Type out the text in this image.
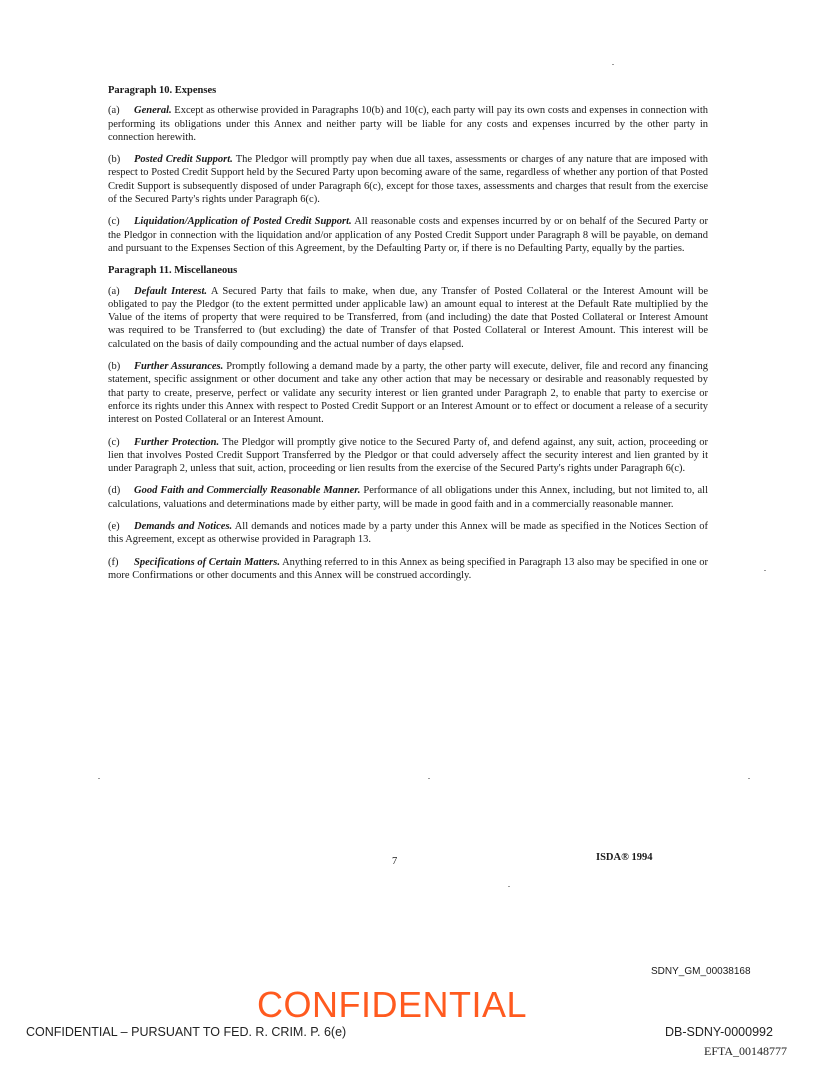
Paragraph 10. Expenses

(a) General. Except as otherwise provided in Paragraphs 10(b) and 10(c), each party will pay its own costs and expenses in connection with performing its obligations under this Annex and neither party will be liable for any costs and expenses incurred by the other party in connection herewith.

(b) Posted Credit Support. The Pledgor will promptly pay when due all taxes, assessments or charges of any nature that are imposed with respect to Posted Credit Support held by the Secured Party upon becoming aware of the same, regardless of whether any portion of that Posted Credit Support is subsequently disposed of under Paragraph 6(c), except for those taxes, assessments and charges that result from the exercise of the Secured Party's rights under Paragraph 6(c).

(c) Liquidation/Application of Posted Credit Support. All reasonable costs and expenses incurred by or on behalf of the Secured Party or the Pledgor in connection with the liquidation and/or application of any Posted Credit Support under Paragraph 8 will be payable, on demand and pursuant to the Expenses Section of this Agreement, by the Defaulting Party or, if there is no Defaulting Party, equally by the parties.

Paragraph 11. Miscellaneous

(a) Default Interest. A Secured Party that fails to make, when due, any Transfer of Posted Collateral or the Interest Amount will be obligated to pay the Pledgor (to the extent permitted under applicable law) an amount equal to interest at the Default Rate multiplied by the Value of the items of property that were required to be Transferred, from (and including) the date that Posted Collateral or Interest Amount was required to be Transferred to (but excluding) the date of Transfer of that Posted Collateral or Interest Amount. This interest will be calculated on the basis of daily compounding and the actual number of days elapsed.

(b) Further Assurances. Promptly following a demand made by a party, the other party will execute, deliver, file and record any financing statement, specific assignment or other document and take any other action that may be necessary or desirable and reasonably requested by that party to create, preserve, perfect or validate any security interest or lien granted under Paragraph 2, to enable that party to exercise or enforce its rights under this Annex with respect to Posted Credit Support or an Interest Amount or to effect or document a release of a security interest on Posted Collateral or an Interest Amount.

(c) Further Protection. The Pledgor will promptly give notice to the Secured Party of, and defend against, any suit, action, proceeding or lien that involves Posted Credit Support Transferred by the Pledgor or that could adversely affect the security interest and lien granted by it under Paragraph 2, unless that suit, action, proceeding or lien results from the exercise of the Secured Party's rights under Paragraph 6(c).

(d) Good Faith and Commercially Reasonable Manner. Performance of all obligations under this Annex, including, but not limited to, all calculations, valuations and determinations made by either party, will be made in good faith and in a commercially reasonable manner.

(e) Demands and Notices. All demands and notices made by a party under this Annex will be made as specified in the Notices Section of this Agreement, except as otherwise provided in Paragraph 13.

(f) Specifications of Certain Matters. Anything referred to in this Annex as being specified in Paragraph 13 also may be specified in one or more Confirmations or other documents and this Annex will be construed accordingly.

7	ISDA® 1994
SDNY_GM_00038168
CONFIDENTIAL
CONFIDENTIAL – PURSUANT TO FED. R. CRIM. P. 6(e)	DB-SDNY-0000992
EFTA_00148777
